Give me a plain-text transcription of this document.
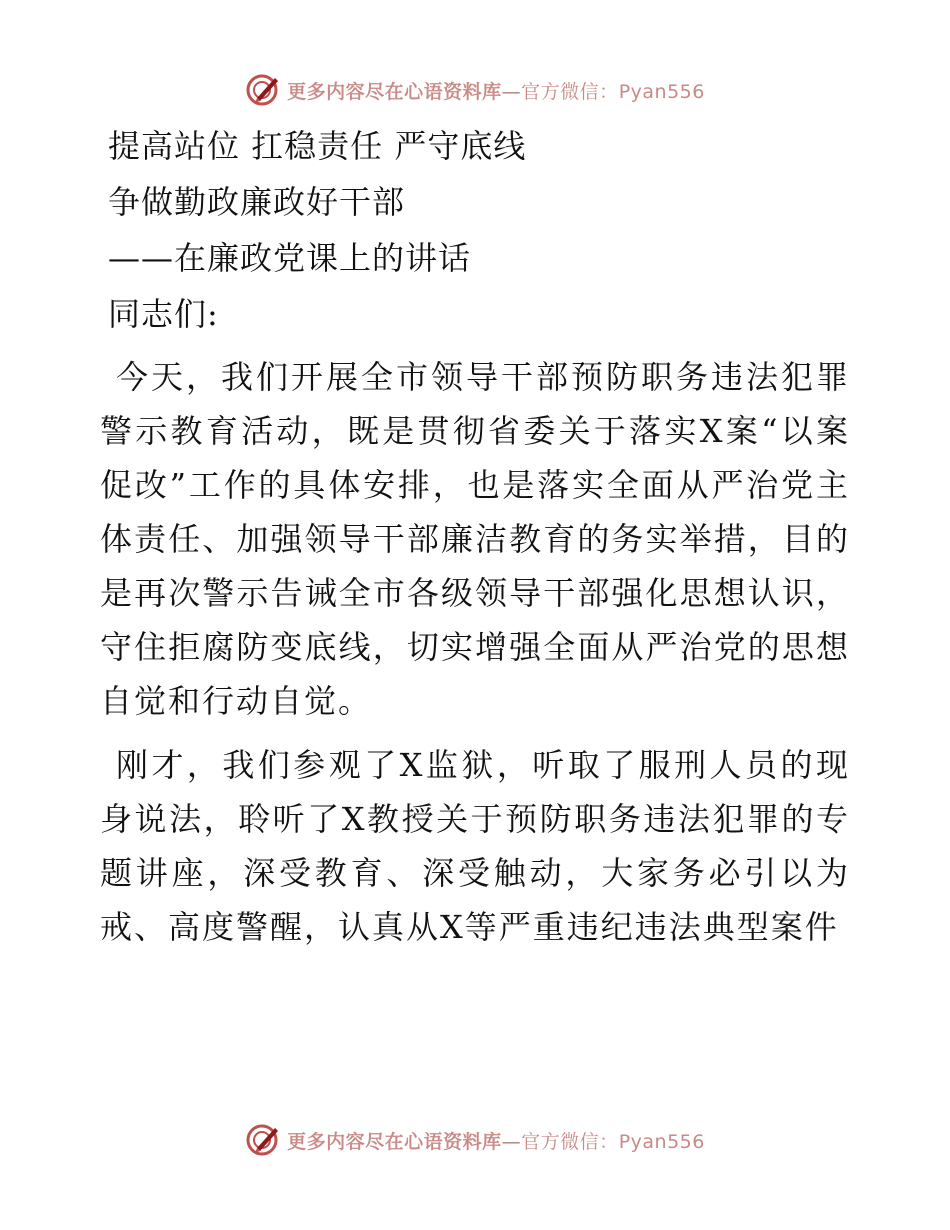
更多内容尽在心语资料库—官方微信：Pyan556
提高站位 扛稳责任 严守底线
争做勤政廉政好干部
——在廉政党课上的讲话
同志们:

今天，我们开展全市领导干部预防职务违法犯罪警示教育活动，既是贯彻省委关于落实X案“以案促改”工作的具体安排，也是落实全面从严治党主体责任、加强领导干部廉洁教育的务实举措，目的是再次警示告诫全市各级领导干部强化思想认识，守住拒腐防变底线，切实增强全面从严治党的思想自觉和行动自觉。

刚才，我们参观了X监狱，听取了服刑人员的现身说法，聆听了X教授关于预防职务违法犯罪的专题讲座，深受教育、深受触动，大家务必引以为戒、高度警醒，认真从X等严重违纪违法典型案件

更多内容尽在心语资料库—官方微信：Pyan556
